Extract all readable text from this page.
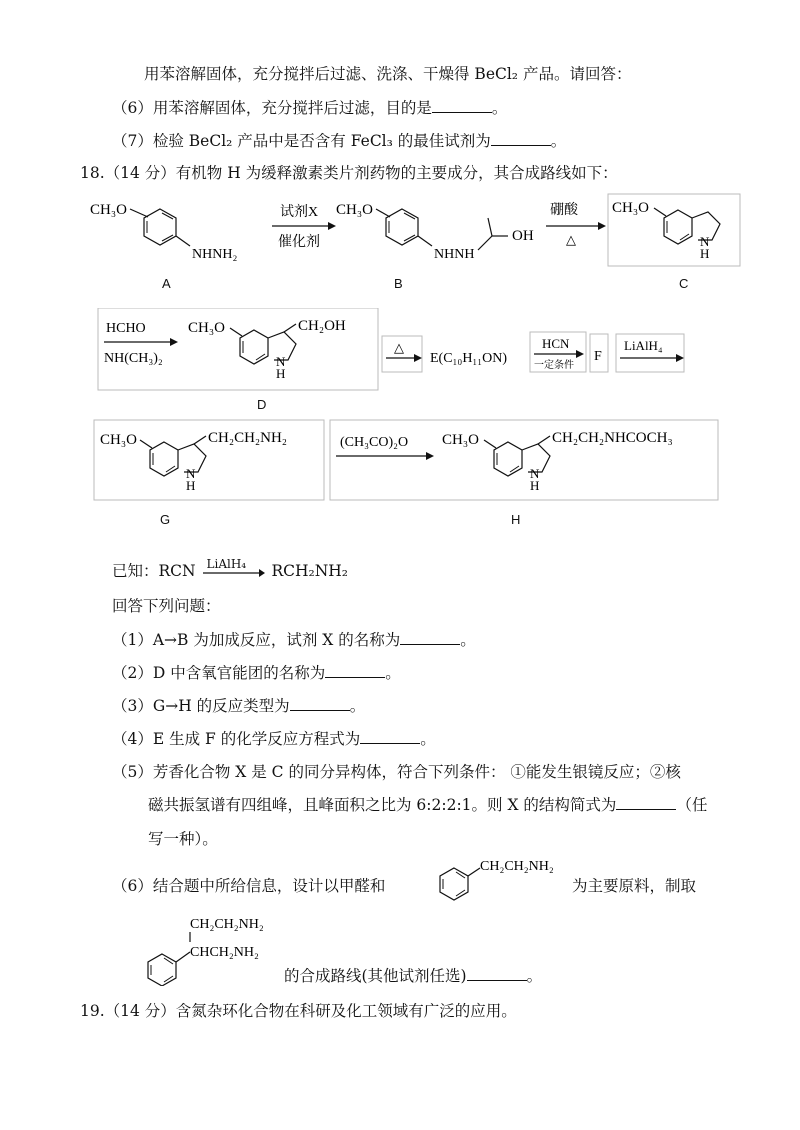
用苯溶解固体，充分搅拌后过滤、洗涤、干燥得 BeCl₂ 产品。请回答：
（6）用苯溶解固体，充分搅拌后过滤，目的是	。
（7）检验 BeCl₂ 产品中是否含有 FeCl₃ 的最佳试剂为	。
18.（14 分）有机物 H 为缓释激素类片剂药物的主要成分，其合成路线如下：
CH₃O
NHNH₂
试剂X
催化剂
CH₃O
NHNH
OH
硼酸
△
CH₃O
N
H
A	B	C
HCHO
NH(CH₃)₂
CH₃O	CH₂OH
N
H
△
E(C₁₀H₁₁ON)
HCN
一定条件
F
LiAlH₄
D
CH₃O	CH₂CH₂NH₂
N
H
(CH₃CO)₂O CH₃O	CH₂CH₂NHCOCH₃
N
H
G	H
已知：RCN LiAlH₄ RCH₂NH₂
回答下列问题：
（1）A→B 为加成反应，试剂 X 的名称为	。
（2）D 中含氧官能团的名称为	。
（3）G→H 的反应类型为	。
（4）E 生成 F 的化学反应方程式为	。
（5）芳香化合物 X 是 C 的同分异构体，符合下列条件： ①能发生银镜反应；②核
磁共振氢谱有四组峰，且峰面积之比为 6:2:2:1。则 X 的结构简式为	（任
写一种）。
（6）结合题中所给信息，设计以甲醛和
CH₂CH₂NH₂
为主要原料，制取
CH₂CH₂NH₂
CHCH₂NH₂
的合成路线(其他试剂任选)	。
19.（14 分）含氮杂环化合物在科研及化工领域有广泛的应用。
